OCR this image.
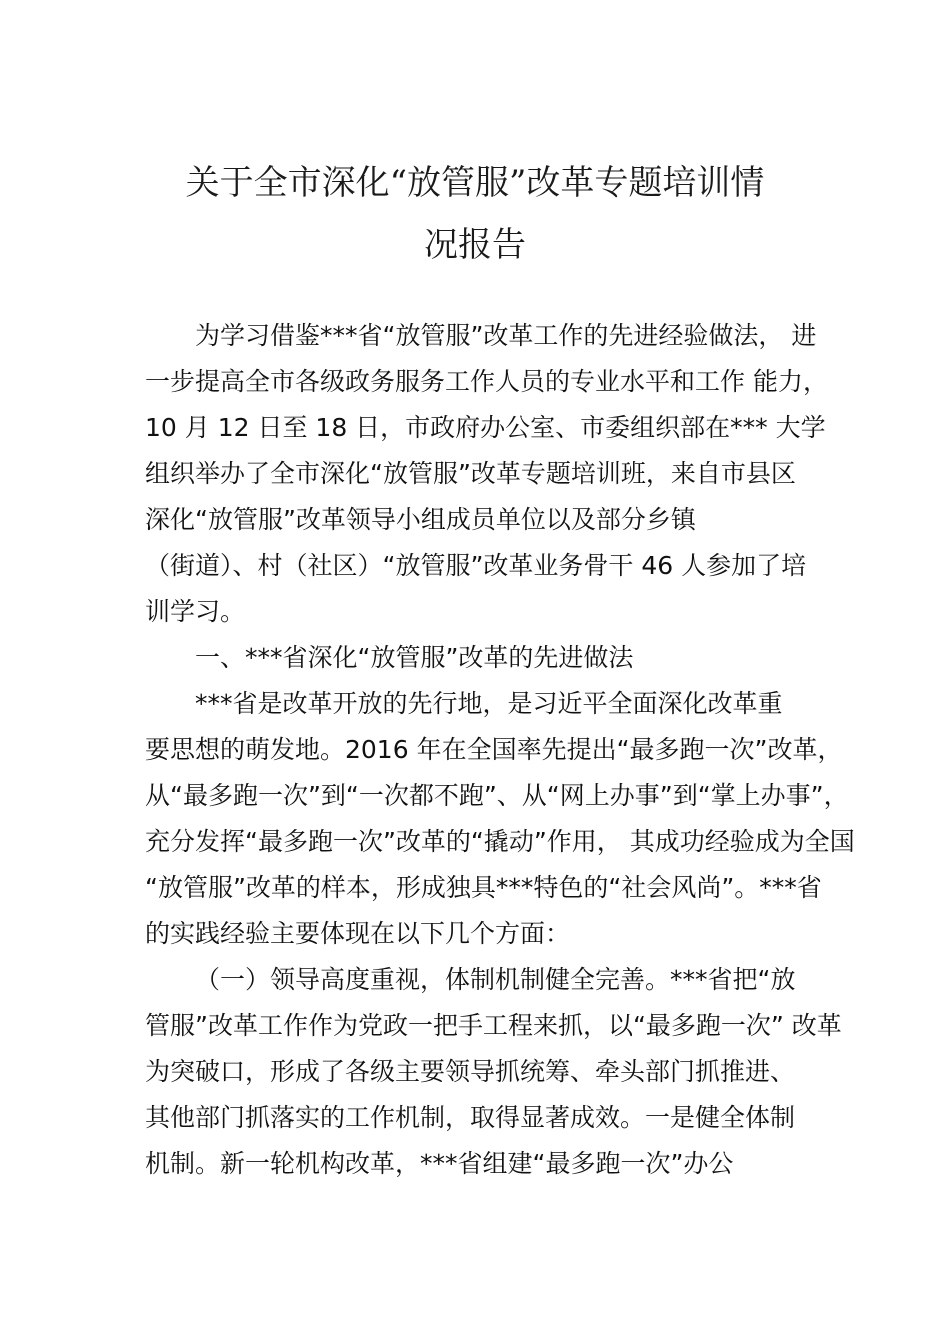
关于全市深化“放管服”改革专题培训情
况报告
为学习借鉴***省“放管服”改革工作的先进经验做法， 进
一步提高全市各级政务服务工作人员的专业水平和工作 能力，
10 月 12 日至 18 日，市政府办公室、市委组织部在*** 大学
组织举办了全市深化“放管服”改革专题培训班，来自市县区
深化“放管服”改革领导小组成员单位以及部分乡镇
（街道）、村（社区）“放管服”改革业务骨干 46 人参加了培
训学习。
一、***省深化“放管服”改革的先进做法
***省是改革开放的先行地，是习近平全面深化改革重
要思想的萌发地。2016 年在全国率先提出“最多跑一次”改革，
从“最多跑一次”到“一次都不跑”、从“网上办事”到“掌上办事”，
充分发挥“最多跑一次”改革的“撬动”作用， 其成功经验成为全国
“放管服”改革的样本，形成独具***特色的“社会风尚”。***省
的实践经验主要体现在以下几个方面：
（一）领导高度重视，体制机制健全完善。***省把“放
管服”改革工作作为党政一把手工程来抓，以“最多跑一次” 改革
为突破口，形成了各级主要领导抓统筹、牵头部门抓推进、
其他部门抓落实的工作机制，取得显著成效。一是健全体制
机制。新一轮机构改革，***省组建“最多跑一次”办公
